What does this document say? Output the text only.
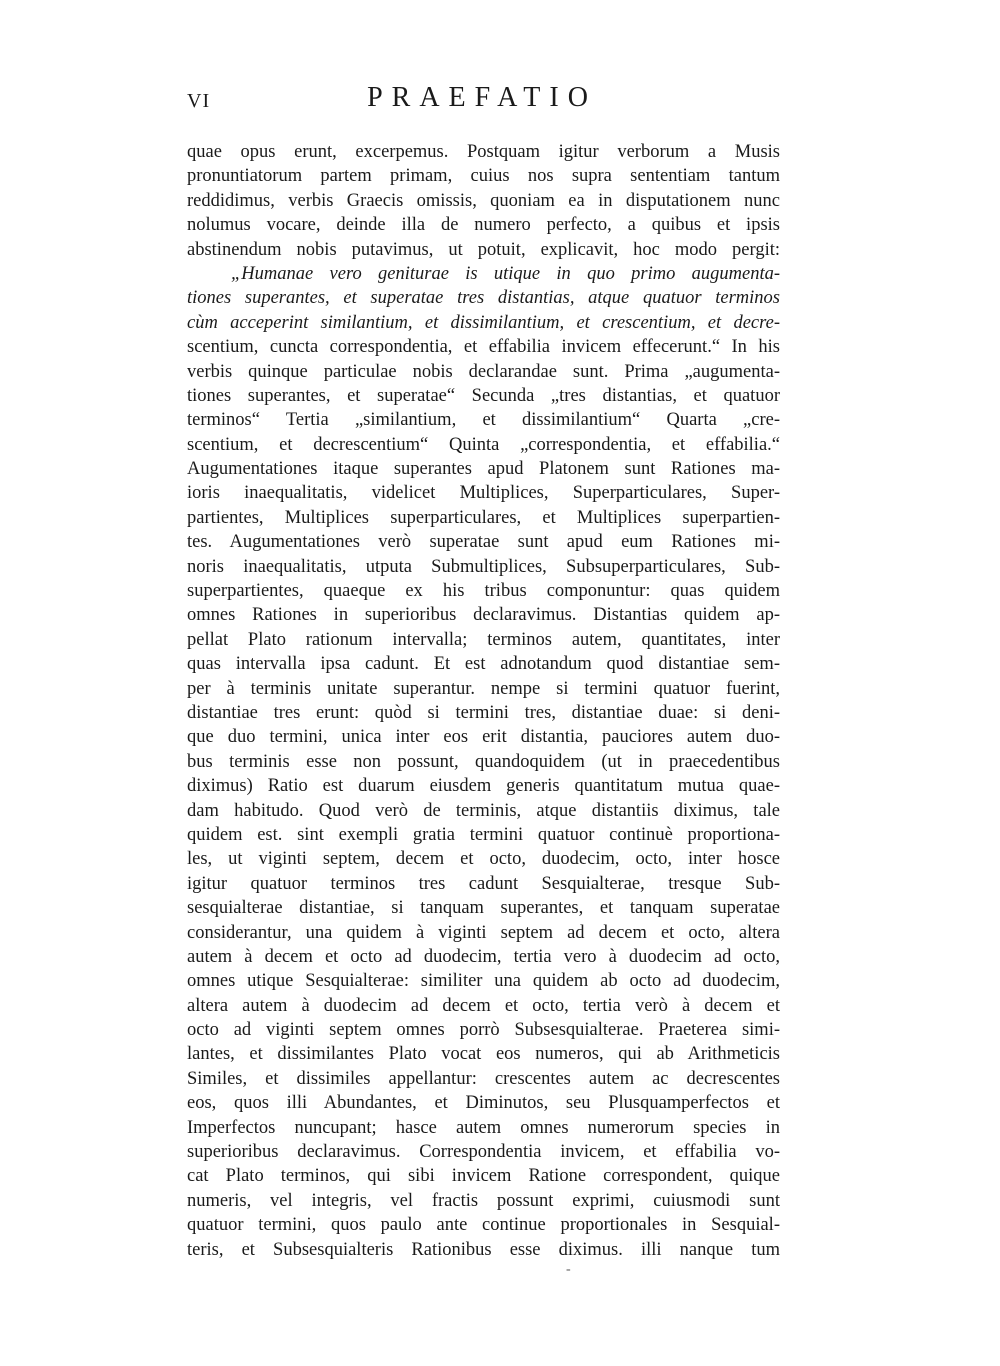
VI	PRAEFATIO
quae opus erunt, excerpemus. Postquam igitur verborum a Musis
pronuntiatorum partem primam, cuius nos supra sententiam tantum
reddidimus, verbis Graecis omissis, quoniam ea in disputationem nunc
nolumus vocare, deinde illa de numero perfecto, a quibus et ipsis
abstinendum nobis putavimus, ut potuit, explicavit, hoc modo pergit:
„Humanae vero geniturae is utique in quo primo augumenta-
tiones superantes, et superatae tres distantias, atque quatuor terminos
cùm acceperint similantium, et dissimilantium, et crescentium, et decre-
scentium, cuncta correspondentia, et effabilia invicem effecerunt.“ In his
verbis quinque particulae nobis declarandae sunt. Prima „augumenta-
tiones superantes, et superatae“ Secunda „tres distantias, et quatuor
terminos“ Tertia „similantium, et dissimilantium“ Quarta „cre-
scentium, et decrescentium“ Quinta „correspondentia, et effabilia.“
Augumentationes itaque superantes apud Platonem sunt Rationes ma-
ioris inaequalitatis, videlicet Multiplices, Superparticulares, Super-
partientes, Multiplices superparticulares, et Multiplices superpartien-
tes. Augumentationes verò superatae sunt apud eum Rationes mi-
noris inaequalitatis, utputa Submultiplices, Subsuperparticulares, Sub-
superpartientes, quaeque ex his tribus componuntur: quas quidem
omnes Rationes in superioribus declaravimus. Distantias quidem ap-
pellat Plato rationum intervalla; terminos autem, quantitates, inter
quas intervalla ipsa cadunt. Et est adnotandum quod distantiae sem-
per à terminis unitate superantur. nempe si termini quatuor fuerint,
distantiae tres erunt: quòd si termini tres, distantiae duae: si deni-
que duo termini, unica inter eos erit distantia, pauciores autem duo-
bus terminis esse non possunt, quandoquidem (ut in praecedentibus
diximus) Ratio est duarum eiusdem generis quantitatum mutua quae-
dam habitudo. Quod verò de terminis, atque distantiis diximus, tale
quidem est. sint exempli gratia termini quatuor continuè proportiona-
les, ut viginti septem, decem et octo, duodecim, octo, inter hosce
igitur quatuor terminos tres cadunt Sesquialterae, tresque Sub-
sesquialterae distantiae, si tanquam superantes, et tanquam superatae
considerantur, una quidem à viginti septem ad decem et octo, altera
autem à decem et octo ad duodecim, tertia vero à duodecim ad octo,
omnes utique Sesquialterae: similiter una quidem ab octo ad duodecim,
altera autem à duodecim ad decem et octo, tertia verò à decem et
octo ad viginti septem omnes porrò Subsesquialterae. Praeterea simi-
lantes, et dissimilantes Plato vocat eos numeros, qui ab Arithmeticis
Similes, et dissimiles appellantur: crescentes autem ac decrescentes
eos, quos illi Abundantes, et Diminutos, seu Plusquamperfectos et
Imperfectos nuncupant; hasce autem omnes numerorum species in
superioribus declaravimus. Correspondentia invicem, et effabilia vo-
cat Plato terminos, qui sibi invicem Ratione correspondent, quique
numeris, vel integris, vel fractis possunt exprimi, cuiusmodi sunt
quatuor termini, quos paulo ante continue proportionales in Sesquial-
teris, et Subsesquialteris Rationibus esse diximus. illi nanque tum
-
